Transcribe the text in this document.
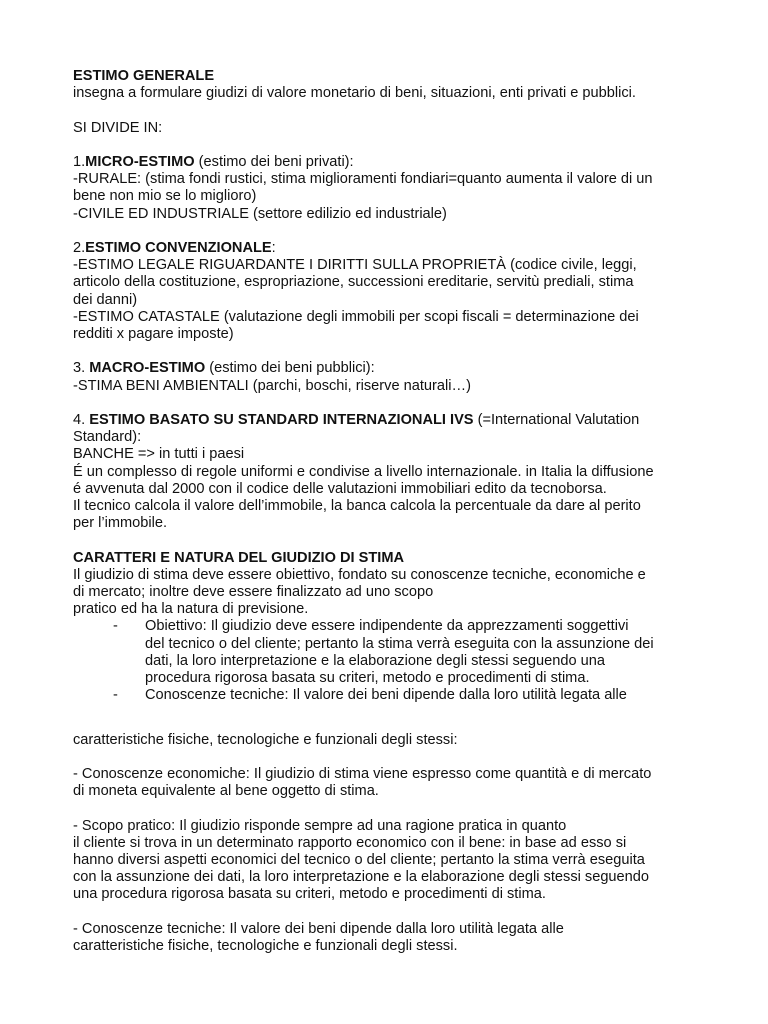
ESTIMO GENERALE
insegna a formulare giudizi di valore monetario di beni, situazioni, enti privati e pubblici.
SI DIVIDE IN:
1.MICRO-ESTIMO (estimo dei beni privati):
-RURALE: (stima fondi rustici, stima miglioramenti fondiari=quanto aumenta il valore di un
bene non mio se lo miglioro)
-CIVILE ED INDUSTRIALE (settore edilizio ed industriale)
2.ESTIMO CONVENZIONALE:
-ESTIMO LEGALE RIGUARDANTE I DIRITTI SULLA PROPRIETÀ (codice civile, leggi,
articolo della costituzione, espropriazione, successioni ereditarie, servitù prediali, stima
dei danni)
-ESTIMO CATASTALE (valutazione degli immobili per scopi fiscali = determinazione dei
redditi x pagare imposte)
3. MACRO-ESTIMO (estimo dei beni pubblici):
-STIMA BENI AMBIENTALI (parchi, boschi, riserve naturali…)
4. ESTIMO BASATO SU STANDARD INTERNAZIONALI IVS (=International Valutation
Standard):
BANCHE => in tutti i paesi
É un complesso di regole uniformi e condivise a livello internazionale. in Italia la diffusione
é avvenuta dal 2000 con il codice delle valutazioni immobiliari edito da tecnoborsa.
Il tecnico calcola il valore dell’immobile, la banca calcola la percentuale da dare al perito
per l’immobile.
CARATTERI E NATURA DEL GIUDIZIO DI STIMA
Il giudizio di stima deve essere obiettivo, fondato su conoscenze tecniche, economiche e
di mercato; inoltre deve essere finalizzato ad uno scopo
pratico ed ha la natura di previsione.
- Obiettivo: Il giudizio deve essere indipendente da apprezzamenti soggettivi
del tecnico o del cliente; pertanto la stima verrà eseguita con la assunzione dei
dati, la loro interpretazione e la elaborazione degli stessi seguendo una
procedura rigorosa basata su criteri, metodo e procedimenti di stima.
- Conoscenze tecniche: Il valore dei beni dipende dalla loro utilità legata alle
caratteristiche fisiche, tecnologiche e funzionali degli stessi:
- Conoscenze economiche: Il giudizio di stima viene espresso come quantità e di mercato
di moneta equivalente al bene oggetto di stima.
- Scopo pratico: Il giudizio risponde sempre ad una ragione pratica in quanto
il cliente si trova in un determinato rapporto economico con il bene: in base ad esso si
hanno diversi aspetti economici del tecnico o del cliente; pertanto la stima verrà eseguita
con la assunzione dei dati, la loro interpretazione e la elaborazione degli stessi seguendo
una procedura rigorosa basata su criteri, metodo e procedimenti di stima.
- Conoscenze tecniche: Il valore dei beni dipende dalla loro utilità legata alle
caratteristiche fisiche, tecnologiche e funzionali degli stessi.
